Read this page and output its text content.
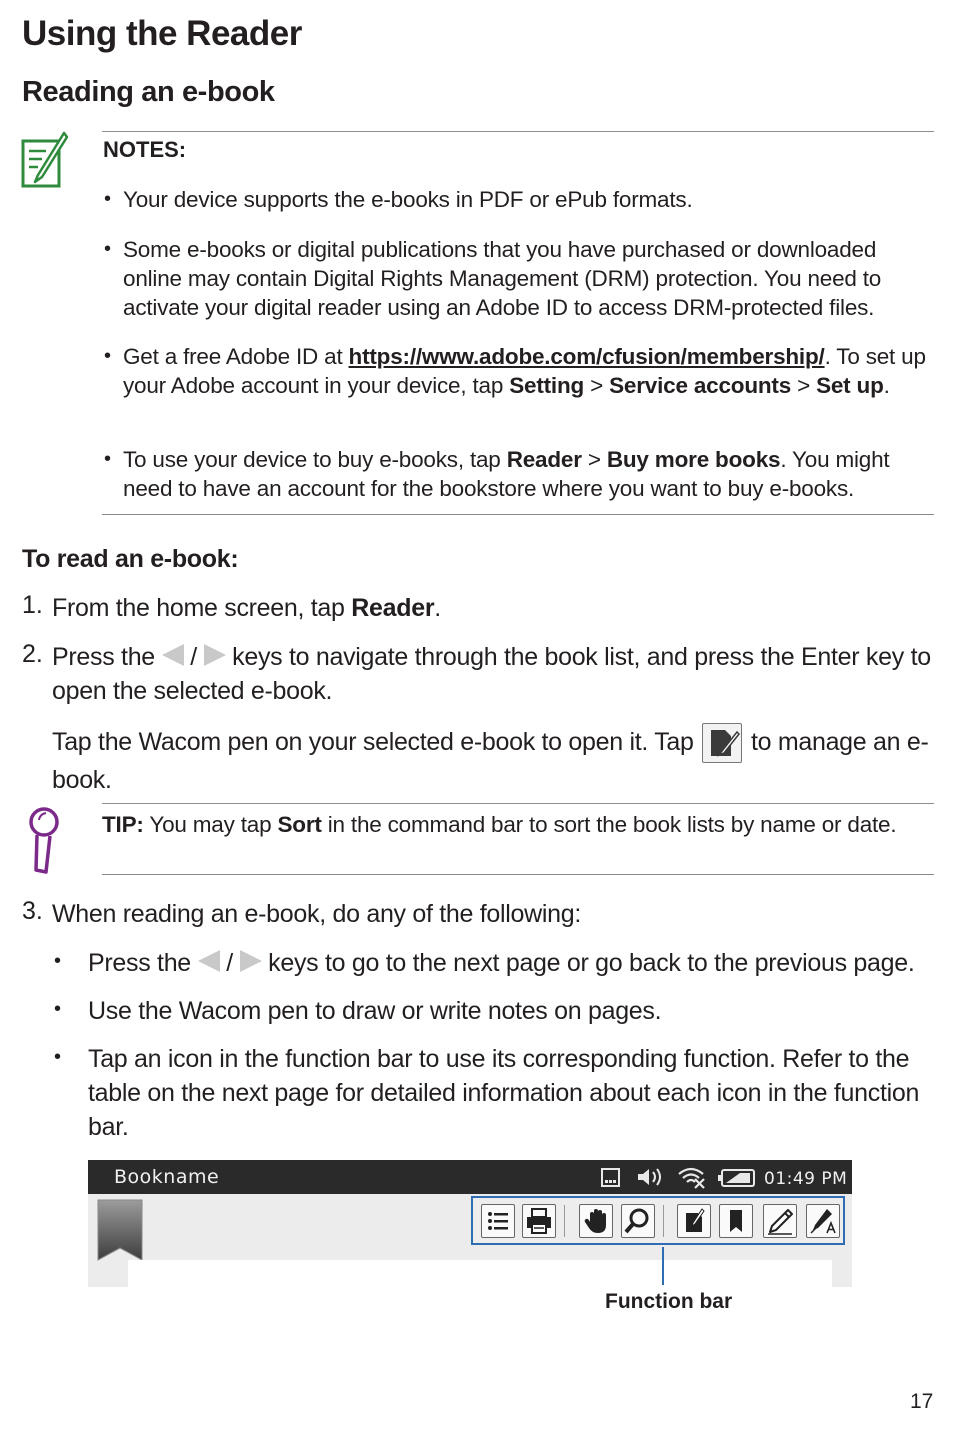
Using the Reader
Reading an e-book
NOTES:
• Your device supports the e-books in PDF or ePub formats.
• Some e-books or digital publications that you have purchased or downloaded online may contain Digital Rights Management (DRM) protection. You need to activate your digital reader using an Adobe ID to access DRM-protected files.
• Get a free Adobe ID at https://www.adobe.com/cfusion/membership/. To set up your Adobe account in your device, tap Setting > Service accounts > Set up.
• To use your device to buy e-books, tap Reader > Buy more books. You might need to have an account for the bookstore where you want to buy e-books.
To read an e-book:
1. From the home screen, tap Reader.
2. Press the  /  keys to navigate through the book list, and press the Enter key to open the selected e-book.
Tap the Wacom pen on your selected e-book to open it. Tap  to manage an e-book.
TIP: You may tap Sort in the command bar to sort the book lists by name or date.
3. When reading an e-book, do any of the following:
• Press the  /  keys to go to the next page or go back to the previous page.
• Use the Wacom pen to draw or write notes on pages.
• Tap an icon in the function bar to use its corresponding function. Refer to the table on the next page for detailed information about each icon in the function bar.
Bookname	01:49 PM
Function bar
17
